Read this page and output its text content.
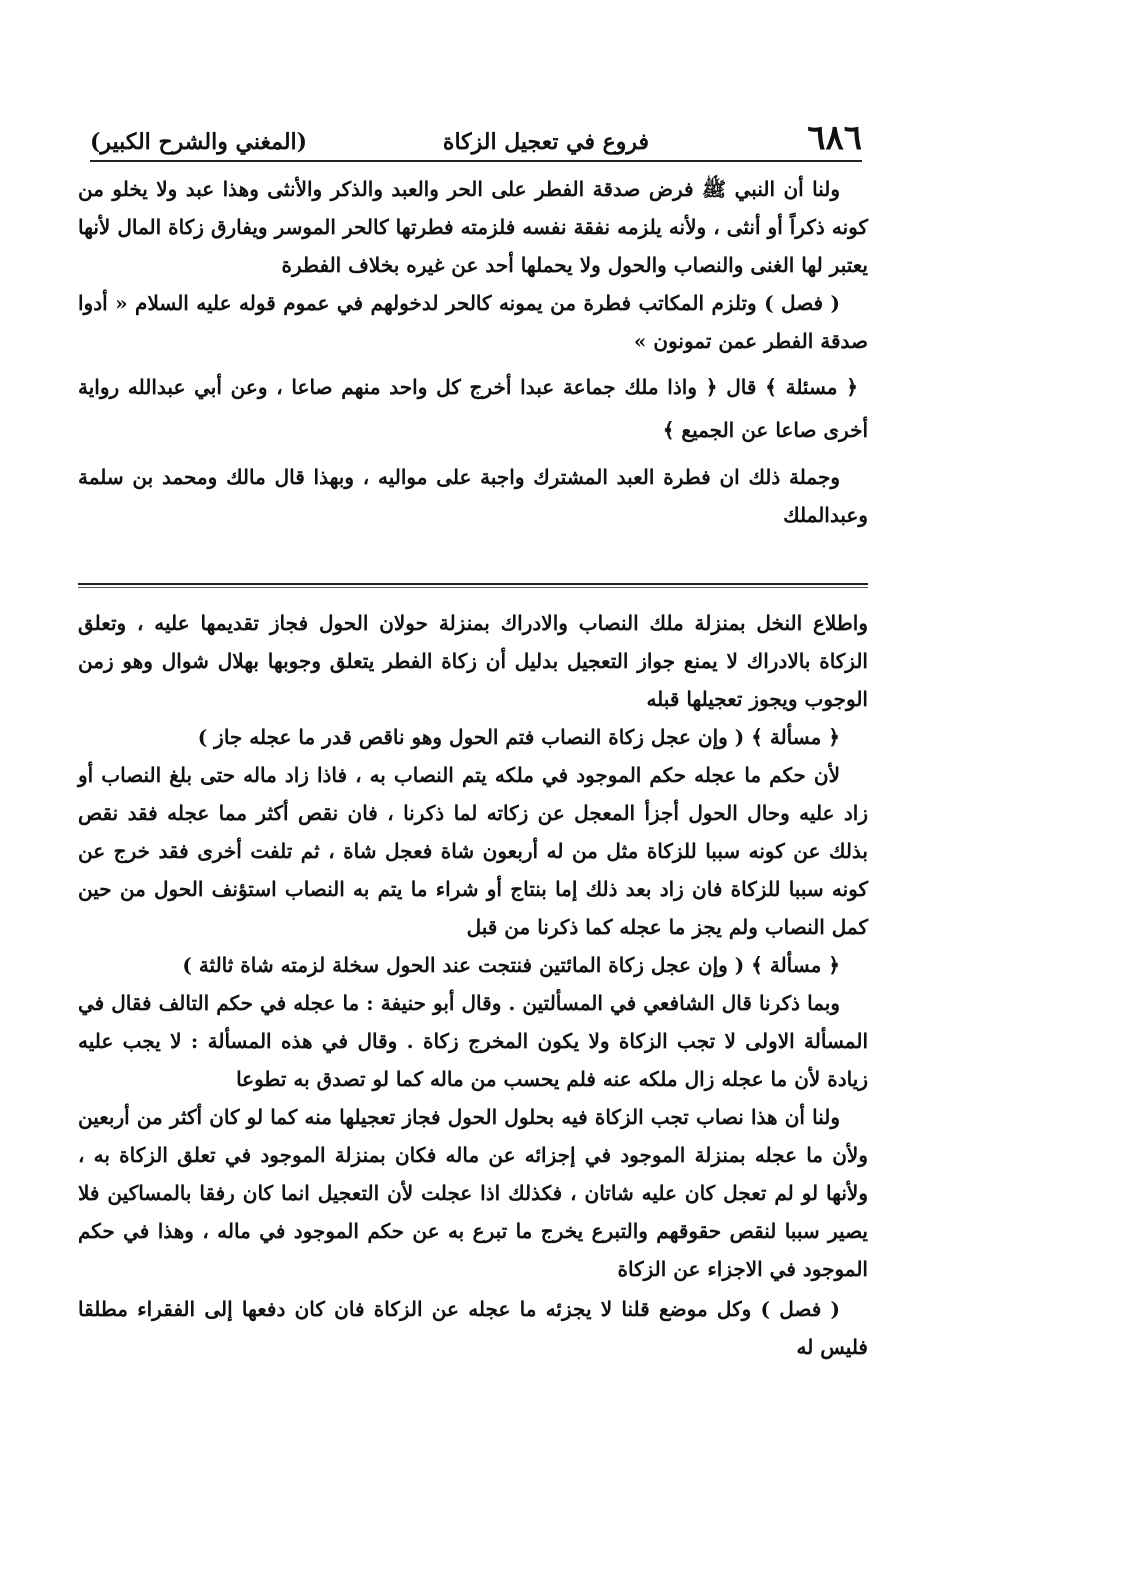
٦٨٦
فروع في تعجيل الزكاة
(المغني والشرح الكبير)

ولنا أن النبي ﷺ فرض صدقة الفطر على الحر والعبد والذكر والأنثى وهذا عبد ولا يخلو من كونه ذكراً أو أنثى ، ولأنه يلزمه نفقة نفسه فلزمته فطرتها كالحر الموسر ويفارق زكاة المال لأنها يعتبر لها الغنى والنصاب والحول ولا يحملها أحد عن غيره بخلاف الفطرة

( فصل ) وتلزم المكاتب فطرة من يمونه كالحر لدخولهم في عموم قوله عليه السلام « أدوا صدقة الفطر عمن تمونون »

﴿ مسئلة ﴾ قال ﴿ واذا ملك جماعة عبدا أخرج كل واحد منهم صاعا ، وعن أبي عبدالله رواية أخرى صاعا عن الجميع ﴾

وجملة ذلك ان فطرة العبد المشترك واجبة على مواليه ، وبهذا قال مالك ومحمد بن سلمة وعبدالملك

واطلاع النخل بمنزلة ملك النصاب والادراك بمنزلة حولان الحول فجاز تقديمها عليه ، وتعلق الزكاة بالادراك لا يمنع جواز التعجيل بدليل أن زكاة الفطر يتعلق وجوبها بهلال شوال وهو زمن الوجوب ويجوز تعجيلها قبله

﴿ مسألة ﴾ ( وإن عجل زكاة النصاب فتم الحول وهو ناقص قدر ما عجله جاز )

لأن حكم ما عجله حكم الموجود في ملكه يتم النصاب به ، فاذا زاد ماله حتى بلغ النصاب أو زاد عليه وحال الحول أجزأ المعجل عن زكاته لما ذكرنا ، فان نقص أكثر مما عجله فقد نقص بذلك عن كونه سببا للزكاة مثل من له أربعون شاة فعجل شاة ، ثم تلفت أخرى فقد خرج عن كونه سببا للزكاة فان زاد بعد ذلك إما بنتاج أو شراء ما يتم به النصاب استؤنف الحول من حين كمل النصاب ولم يجز ما عجله كما ذكرنا من قبل

﴿ مسألة ﴾ ( وإن عجل زكاة المائتين فنتجت عند الحول سخلة لزمته شاة ثالثة )

وبما ذكرنا قال الشافعي في المسألتين . وقال أبو حنيفة : ما عجله في حكم التالف فقال في المسألة الاولى لا تجب الزكاة ولا يكون المخرج زكاة . وقال في هذه المسألة : لا يجب عليه زيادة لأن ما عجله زال ملكه عنه فلم يحسب من ماله كما لو تصدق به تطوعا

ولنا أن هذا نصاب تجب الزكاة فيه بحلول الحول فجاز تعجيلها منه كما لو كان أكثر من أربعين ولأن ما عجله بمنزلة الموجود في إجزائه عن ماله فكان بمنزلة الموجود في تعلق الزكاة به ، ولأنها لو لم تعجل كان عليه شاتان ، فكذلك اذا عجلت لأن التعجيل انما كان رفقا بالمساكين فلا يصير سببا لنقص حقوقهم والتبرع يخرج ما تبرع به عن حكم الموجود في ماله ، وهذا في حكم الموجود في الاجزاء عن الزكاة

( فصل ) وكل موضع قلنا لا يجزئه ما عجله عن الزكاة فان كان دفعها إلى الفقراء مطلقا فليس له
